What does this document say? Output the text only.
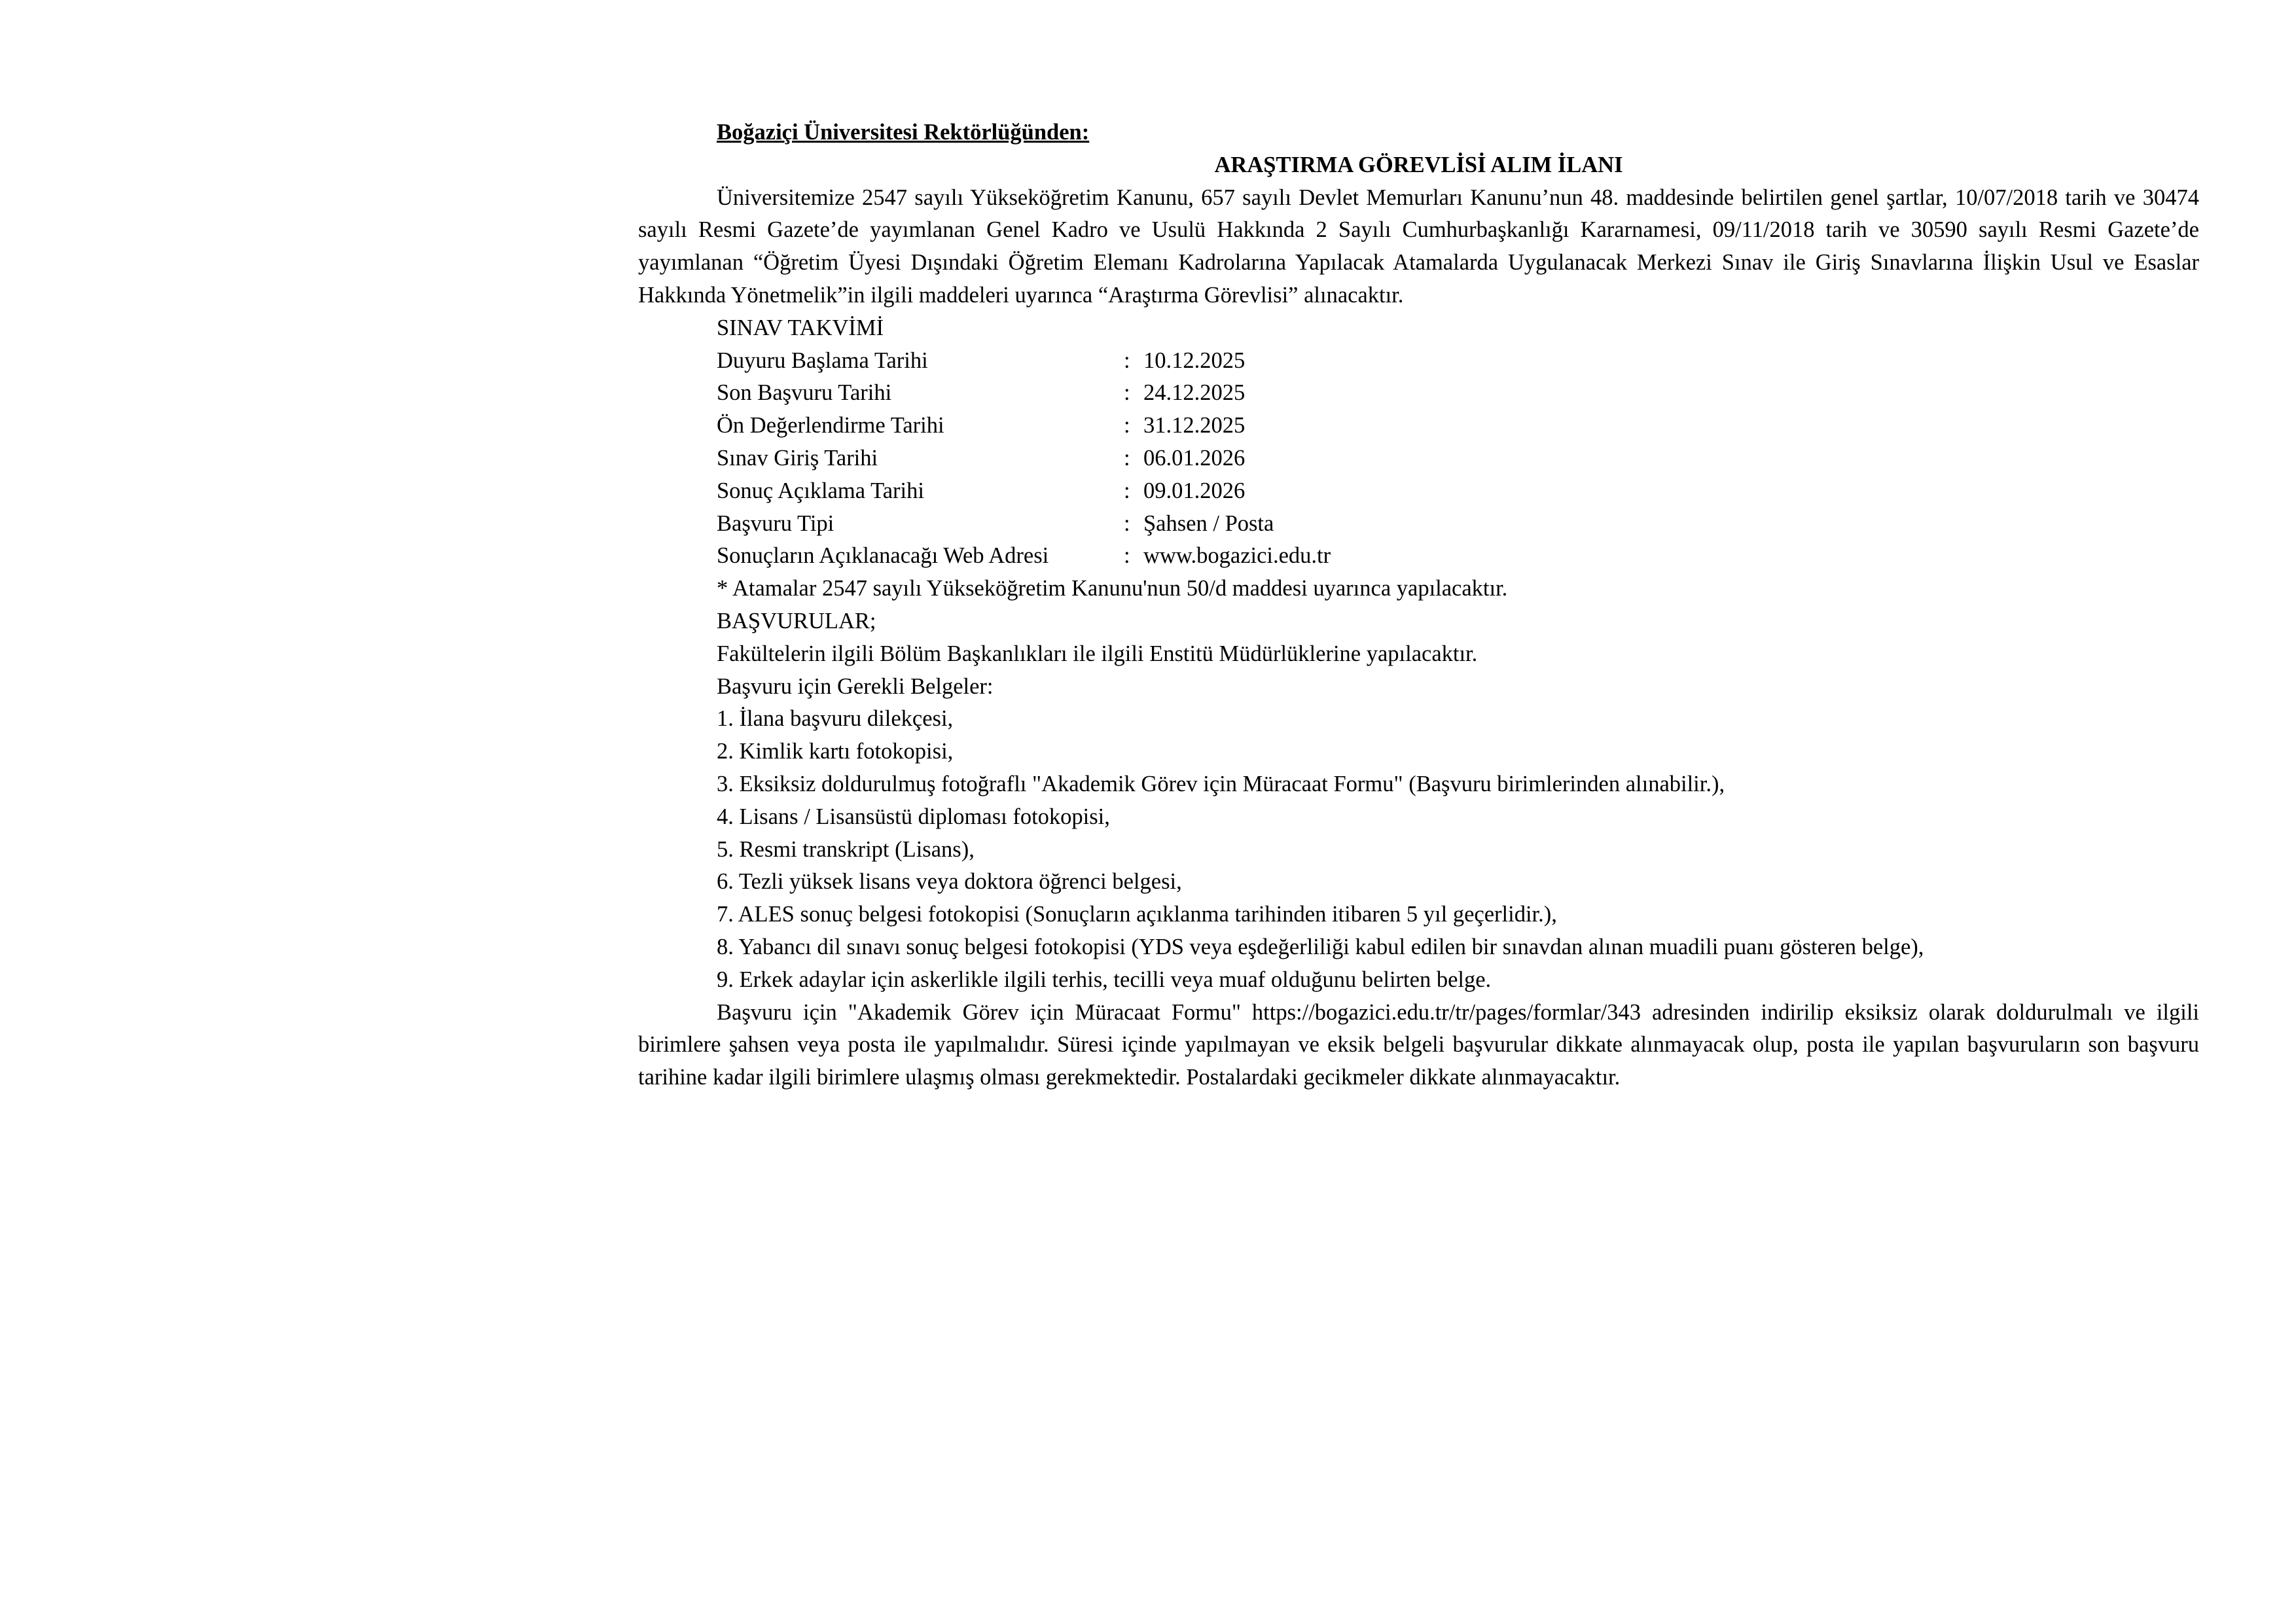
Boğaziçi Üniversitesi Rektörlüğünden:
ARAŞTIRMA GÖREVLİSİ ALIM İLANI

Üniversitemize 2547 sayılı Yükseköğretim Kanunu, 657 sayılı Devlet Memurları Kanunu’nun 48. maddesinde belirtilen genel şartlar, 10/07/2018 tarih ve 30474 sayılı Resmi Gazete’de yayımlanan Genel Kadro ve Usulü Hakkında 2 Sayılı Cumhurbaşkanlığı Kararnamesi, 09/11/2018 tarih ve 30590 sayılı Resmi Gazete’de yayımlanan “Öğretim Üyesi Dışındaki Öğretim Elemanı Kadrolarına Yapılacak Atamalarda Uygulanacak Merkezi Sınav ile Giriş Sınavlarına İlişkin Usul ve Esaslar Hakkında Yönetmelik”in ilgili maddeleri uyarınca “Araştırma Görevlisi” alınacaktır.

SINAV TAKVİMİ
Duyuru Başlama Tarihi	: 10.12.2025
Son Başvuru Tarihi	: 24.12.2025
Ön Değerlendirme Tarihi	: 31.12.2025
Sınav Giriş Tarihi	: 06.01.2026
Sonuç Açıklama Tarihi	: 09.01.2026
Başvuru Tipi	: Şahsen / Posta
Sonuçların Açıklanacağı Web Adresi	: www.bogazici.edu.tr
* Atamalar 2547 sayılı Yükseköğretim Kanunu'nun 50/d maddesi uyarınca yapılacaktır.
BAŞVURULAR;
Fakültelerin ilgili Bölüm Başkanlıkları ile ilgili Enstitü Müdürlüklerine yapılacaktır.
Başvuru için Gerekli Belgeler:
1. İlana başvuru dilekçesi,
2. Kimlik kartı fotokopisi,
3. Eksiksiz doldurulmuş fotoğraflı "Akademik Görev için Müracaat Formu" (Başvuru birimlerinden alınabilir.),
4. Lisans / Lisansüstü diploması fotokopisi,
5. Resmi transkript (Lisans),
6. Tezli yüksek lisans veya doktora öğrenci belgesi,
7. ALES sonuç belgesi fotokopisi (Sonuçların açıklanma tarihinden itibaren 5 yıl geçerlidir.),
8. Yabancı dil sınavı sonuç belgesi fotokopisi (YDS veya eşdeğerliliği kabul edilen bir sınavdan alınan muadili puanı gösteren belge),
9. Erkek adaylar için askerlikle ilgili terhis, tecilli veya muaf olduğunu belirten belge.

Başvuru için "Akademik Görev için Müracaat Formu" https://bogazici.edu.tr/tr/pages/formlar/343 adresinden indirilip eksiksiz olarak doldurulmalı ve ilgili birimlere şahsen veya posta ile yapılmalıdır. Süresi içinde yapılmayan ve eksik belgeli başvurular dikkate alınmayacak olup, posta ile yapılan başvuruların son başvuru tarihine kadar ilgili birimlere ulaşmış olması gerekmektedir. Postalardaki gecikmeler dikkate alınmayacaktır.
